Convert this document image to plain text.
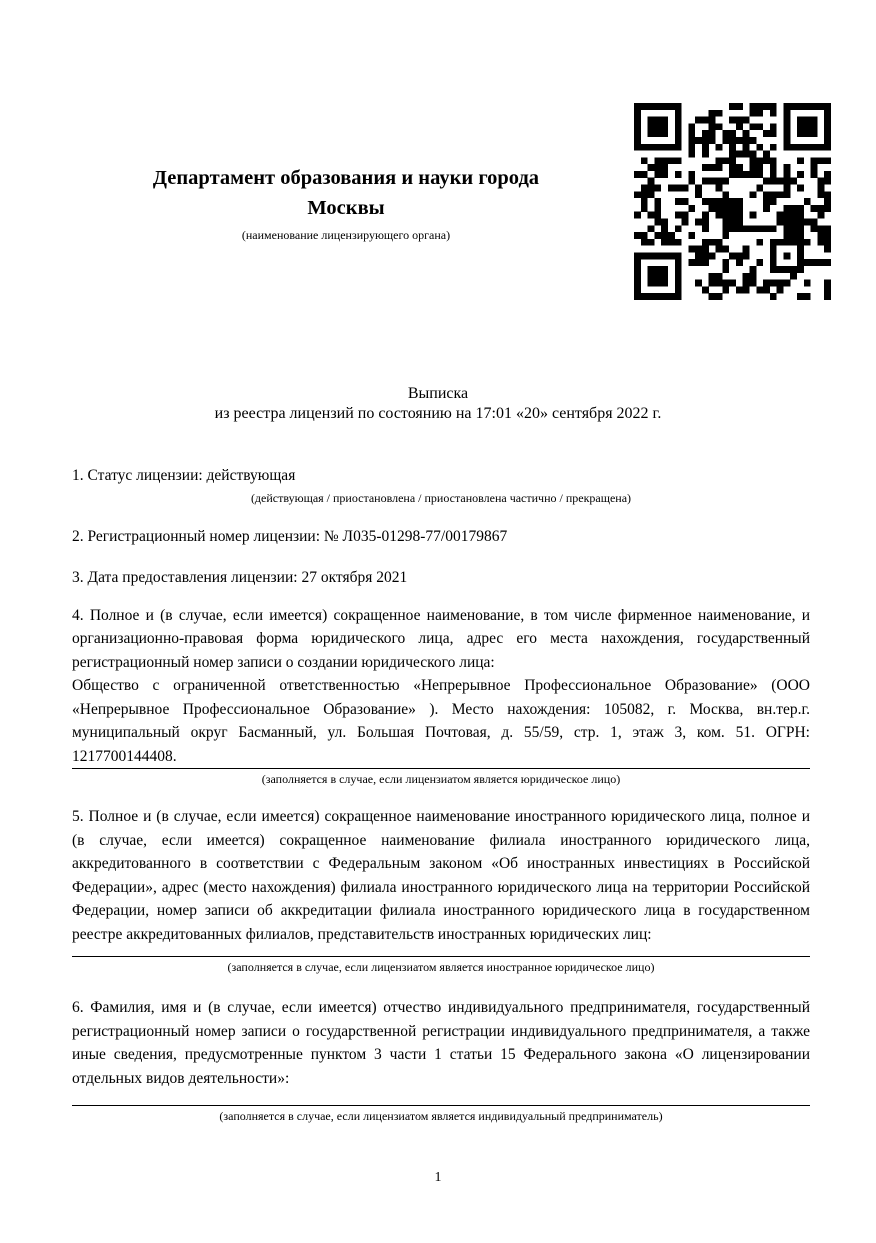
Департамент образования и науки города
Москвы
(наименование лицензирующего органа)
Выписка
из реестра лицензий по состоянию на 17:01 «20» сентября 2022 г.
1. Статус лицензии: действующая
(действующая / приостановлена / приостановлена частично / прекращена)
2. Регистрационный номер лицензии: № Л035-01298-77/00179867
3. Дата предоставления лицензии: 27 октября 2021
4. Полное и (в случае, если имеется) сокращенное наименование, в том числе фирменное наименование, и организационно-правовая форма юридического лица, адрес его места нахождения, государственный регистрационный номер записи о создании юридического лица:
Общество с ограниченной ответственностью «Непрерывное Профессиональное Образование» (ООО «Непрерывное Профессиональное Образование» ). Место нахождения: 105082, г. Москва, вн.тер.г. муниципальный округ Басманный, ул. Большая Почтовая, д. 55/59, стр. 1, этаж 3, ком. 51. ОГРН: 1217700144408.
(заполняется в случае, если лицензиатом является юридическое лицо)
5. Полное и (в случае, если имеется) сокращенное наименование иностранного юридического лица, полное и (в случае, если имеется) сокращенное наименование филиала иностранного юридического лица, аккредитованного в соответствии с Федеральным законом «Об иностранных инвестициях в Российской Федерации», адрес (место нахождения) филиала иностранного юридического лица на территории Российской Федерации, номер записи об аккредитации филиала иностранного юридического лица в государственном реестре аккредитованных филиалов, представительств иностранных юридических лиц:
(заполняется в случае, если лицензиатом является иностранное юридическое лицо)
6. Фамилия, имя и (в случае, если имеется) отчество индивидуального предпринимателя, государственный регистрационный номер записи о государственной регистрации индивидуального предпринимателя, а также иные сведения, предусмотренные пунктом 3 части 1 статьи 15 Федерального закона «О лицензировании отдельных видов деятельности»:
(заполняется в случае, если лицензиатом является индивидуальный предприниматель)
1
